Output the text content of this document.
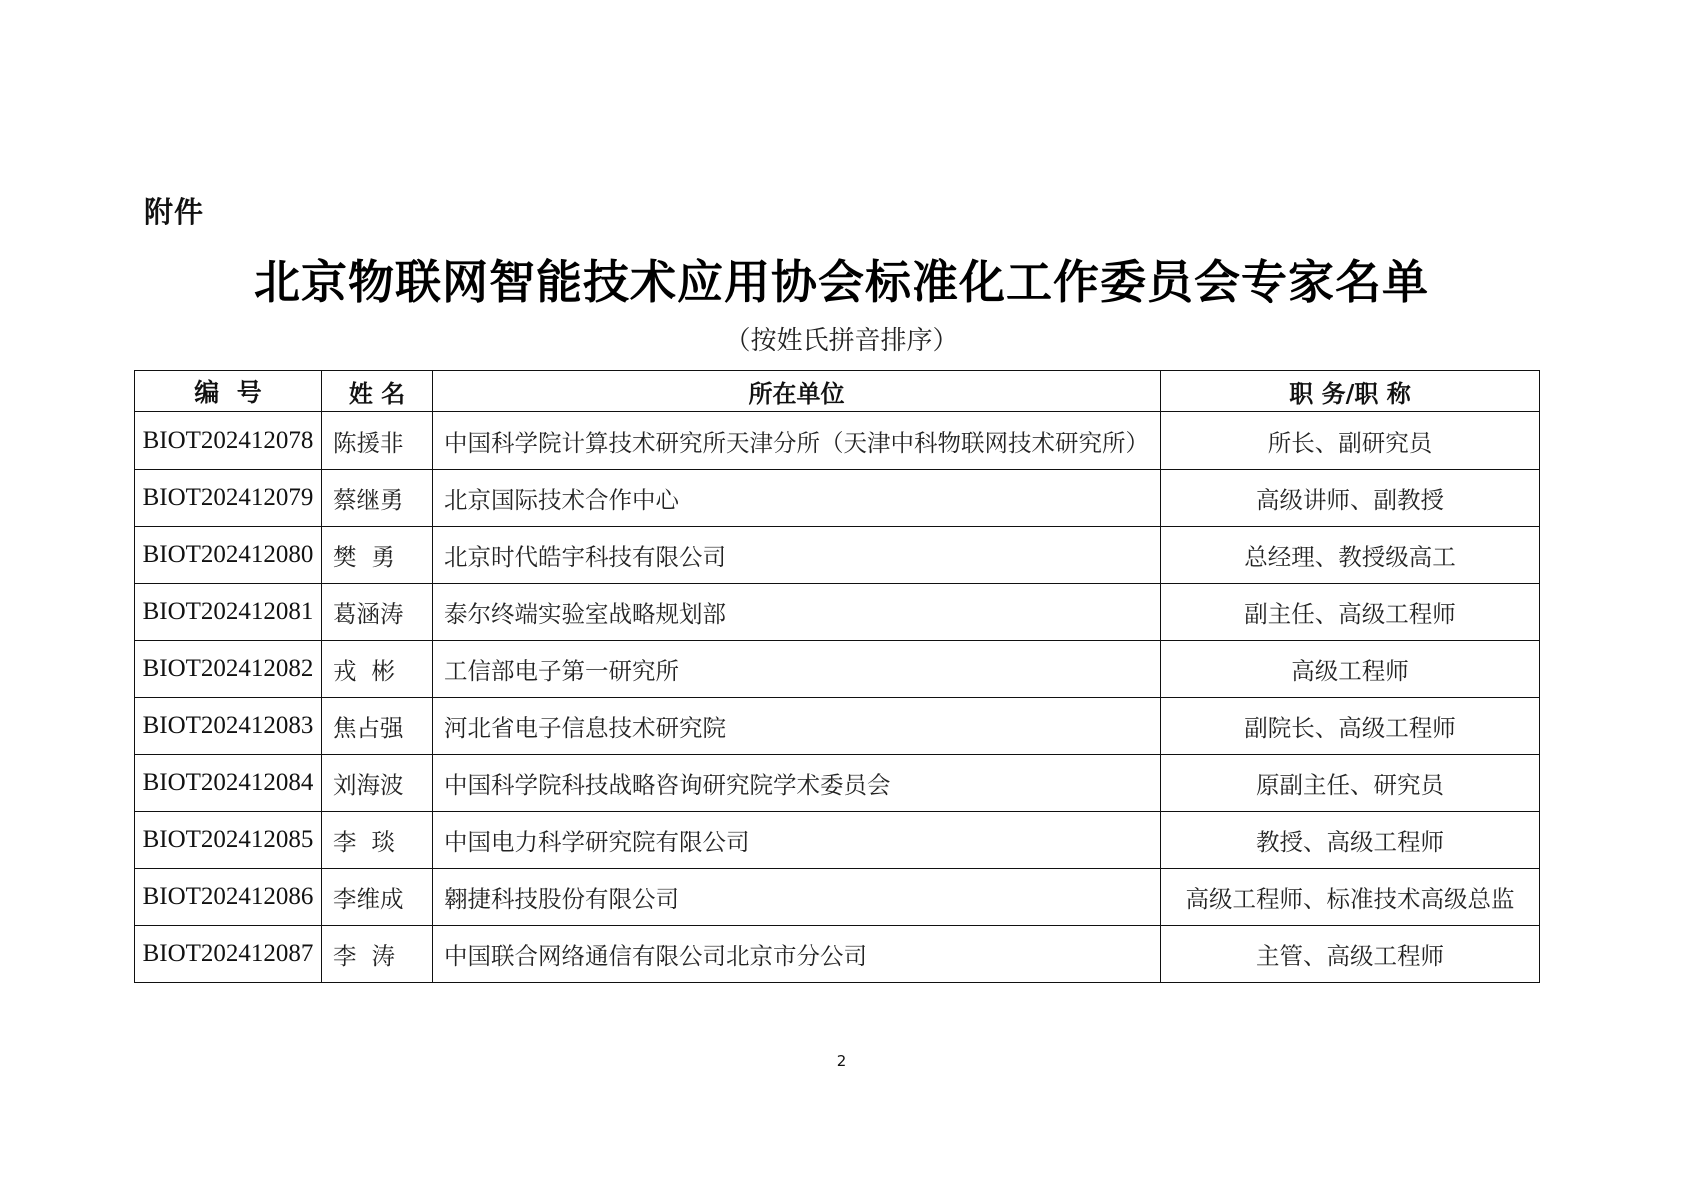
附件
北京物联网智能技术应用协会标准化工作委员会专家名单
（按姓氏拼音排序）
编  号	姓 名	所在单位	职 务/职 称
BIOT202412078	陈援非	中国科学院计算技术研究所天津分所（天津中科物联网技术研究所）	所长、副研究员
BIOT202412079	蔡继勇	北京国际技术合作中心	高级讲师、副教授
BIOT202412080	樊  勇	北京时代皓宇科技有限公司	总经理、教授级高工
BIOT202412081	葛涵涛	泰尔终端实验室战略规划部	副主任、高级工程师
BIOT202412082	戎  彬	工信部电子第一研究所	高级工程师
BIOT202412083	焦占强	河北省电子信息技术研究院	副院长、高级工程师
BIOT202412084	刘海波	中国科学院科技战略咨询研究院学术委员会	原副主任、研究员
BIOT202412085	李  琰	中国电力科学研究院有限公司	教授、高级工程师
BIOT202412086	李维成	翱捷科技股份有限公司	高级工程师、标准技术高级总监
BIOT202412087	李  涛	中国联合网络通信有限公司北京市分公司	主管、高级工程师
2
